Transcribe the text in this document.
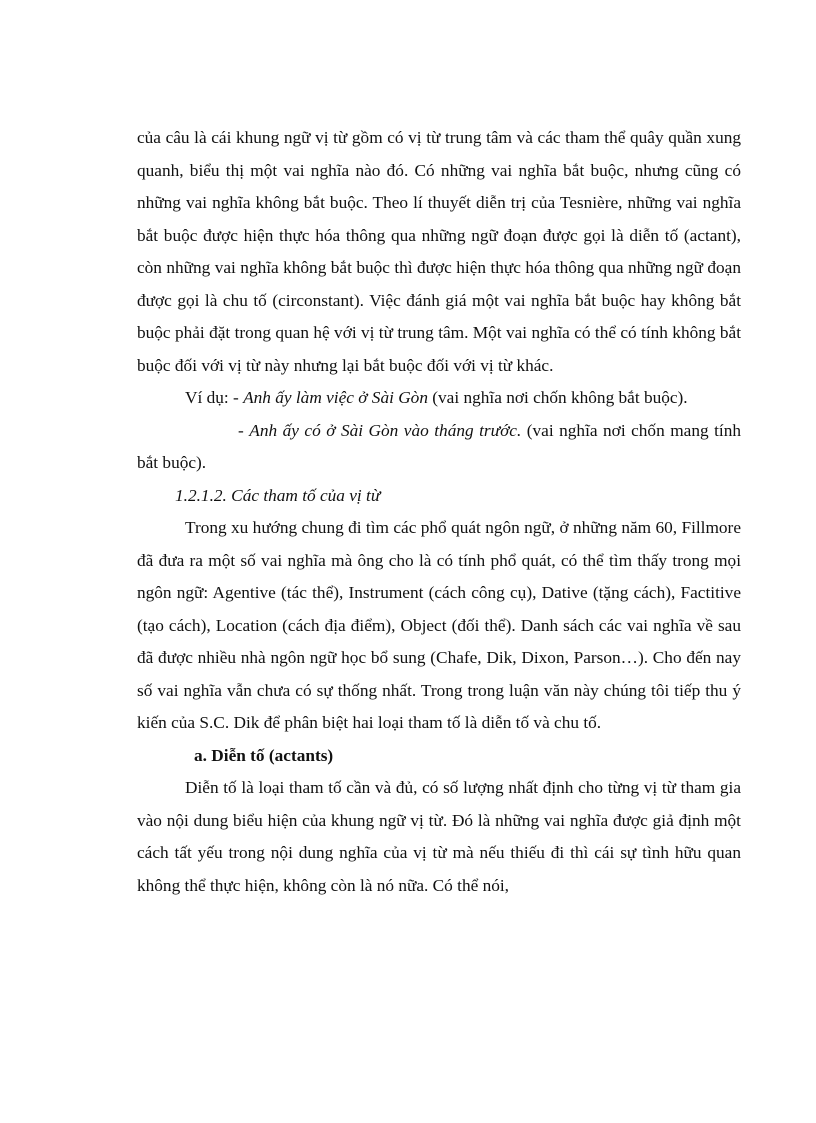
của câu là cái khung ngữ vị từ gồm có vị từ trung tâm và các tham thể quây quần xung quanh, biểu thị một vai nghĩa nào đó. Có những vai nghĩa bắt buộc, nhưng cũng có những vai nghĩa không bắt buộc. Theo lí thuyết diễn trị của Tesnière, những vai nghĩa bắt buộc được hiện thực hóa thông qua những ngữ đoạn được gọi là diễn tố (actant), còn những vai nghĩa không bắt buộc thì được hiện thực hóa thông qua những ngữ đoạn được gọi là chu tố (circonstant). Việc đánh giá một vai nghĩa bắt buộc hay không bắt buộc phải đặt trong quan hệ với vị từ trung tâm. Một vai nghĩa có thể có tính không bắt buộc đối với vị từ này nhưng lại bắt buộc đối với vị từ khác.

Ví dụ: - Anh ấy làm việc ở Sài Gòn (vai nghĩa nơi chốn không bắt buộc).

- Anh ấy có ở Sài Gòn vào tháng trước. (vai nghĩa nơi chốn mang tính bắt buộc).

1.2.1.2. Các tham tố của vị từ

Trong xu hướng chung đi tìm các phổ quát ngôn ngữ, ở những năm 60, Fillmore đã đưa ra một số vai nghĩa mà ông cho là có tính phổ quát, có thể tìm thấy trong mọi ngôn ngữ: Agentive (tác thể), Instrument (cách công cụ), Dative (tặng cách), Factitive (tạo cách), Location (cách địa điểm), Object (đối thể). Danh sách các vai nghĩa về sau đã được nhiều nhà ngôn ngữ học bổ sung (Chafe, Dik, Dixon, Parson…). Cho đến nay số vai nghĩa vẫn chưa có sự thống nhất. Trong trong luận văn này chúng tôi tiếp thu ý kiến của S.C. Dik để phân biệt hai loại tham tố là diễn tố và chu tố.

a. Diễn tố (actants)

Diễn tố là loại tham tố cần và đủ, có số lượng nhất định cho từng vị từ tham gia vào nội dung biểu hiện của khung ngữ vị từ. Đó là những vai nghĩa được giả định một cách tất yếu trong nội dung nghĩa của vị từ mà nếu thiếu đi thì cái sự tình hữu quan không thể thực hiện, không còn là nó nữa. Có thể nói,
